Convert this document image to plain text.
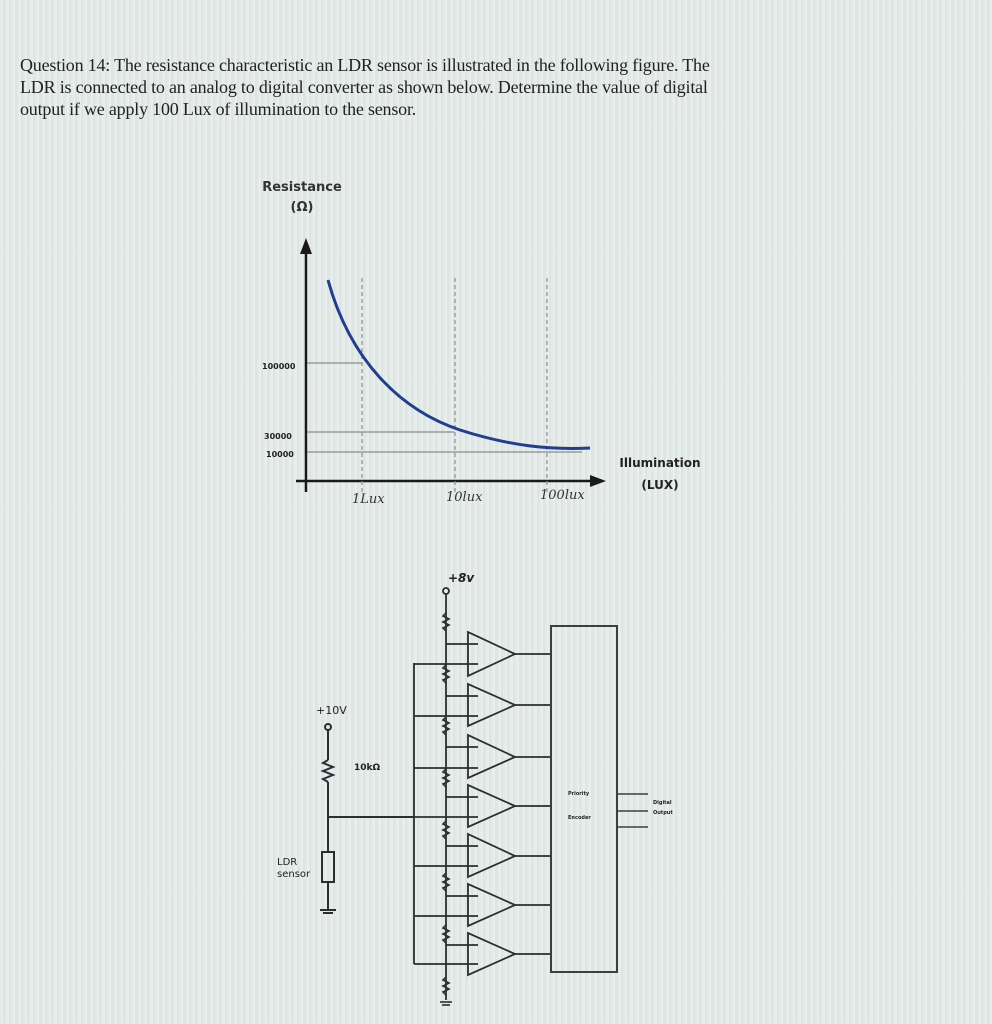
Question 14: The resistance characteristic an LDR sensor is illustrated in the following figure. The
LDR is connected to an analog to digital converter as shown below. Determine the value of digital
output if we apply 100 Lux of illumination to the sensor.
Resistance
(Ω)
Illumination
(LUX)
100000
30000
10000
1Lux	10lux	100lux
+8v
+10V
10kΩ
LDR
sensor
Priority
Encoder
Digital
Output
